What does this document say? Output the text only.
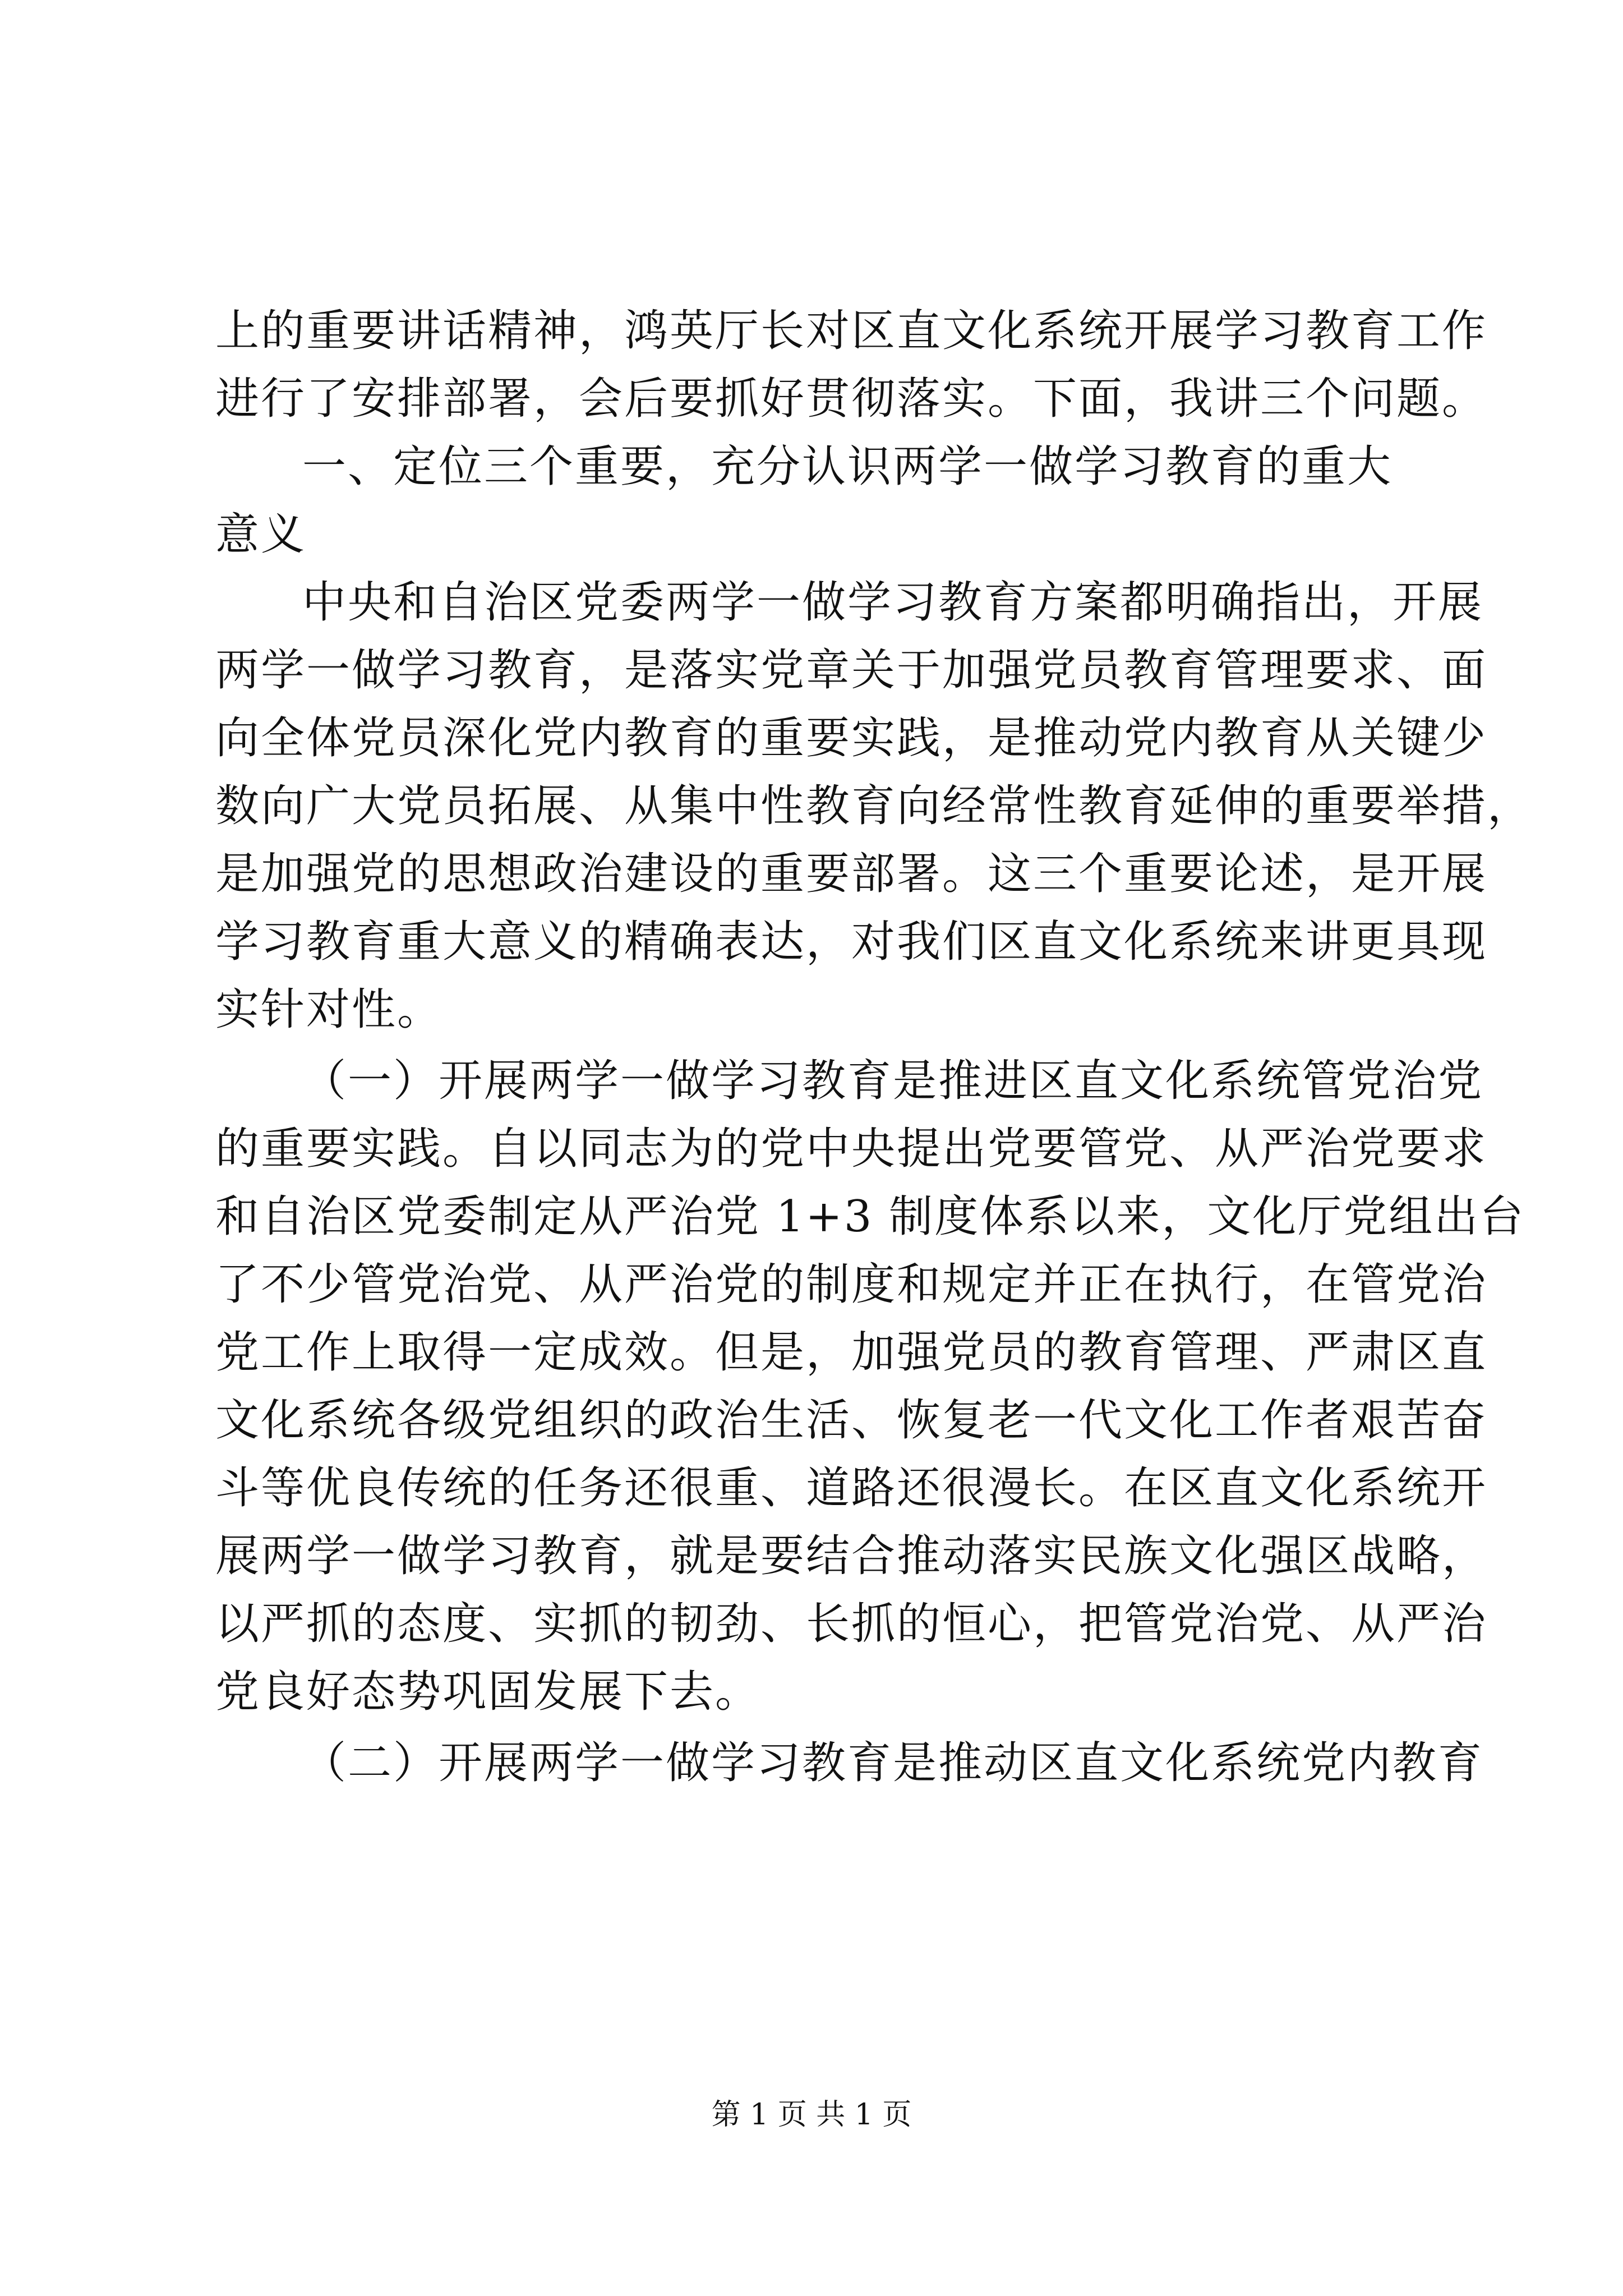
上的重要讲话精神，鸿英厅长对区直文化系统开展学习教育工作
进行了安排部署，会后要抓好贯彻落实。下面，我讲三个问题。

一、定位三个重要，充分认识两学一做学习教育的重大意义

中央和自治区党委两学一做学习教育方案都明确指出，开展
两学一做学习教育，是落实党章关于加强党员教育管理要求、面
向全体党员深化党内教育的重要实践，是推动党内教育从关键少
数向广大党员拓展、从集中性教育向经常性教育延伸的重要举措，
是加强党的思想政治建设的重要部署。这三个重要论述，是开展
学习教育重大意义的精确表达，对我们区直文化系统来讲更具现
实针对性。

（一）开展两学一做学习教育是推进区直文化系统管党治党
的重要实践。自以同志为的党中央提出党要管党、从严治党要求
和自治区党委制定从严治党 1+3 制度体系以来，文化厅党组出台
了不少管党治党、从严治党的制度和规定并正在执行，在管党治
党工作上取得一定成效。但是，加强党员的教育管理、严肃区直
文化系统各级党组织的政治生活、恢复老一代文化工作者艰苦奋
斗等优良传统的任务还很重、道路还很漫长。在区直文化系统开
展两学一做学习教育，就是要结合推动落实民族文化强区战略，
以严抓的态度、实抓的韧劲、长抓的恒心，把管党治党、从严治
党良好态势巩固发展下去。

（二）开展两学一做学习教育是推动区直文化系统党内教育

第 1 页 共 1 页
